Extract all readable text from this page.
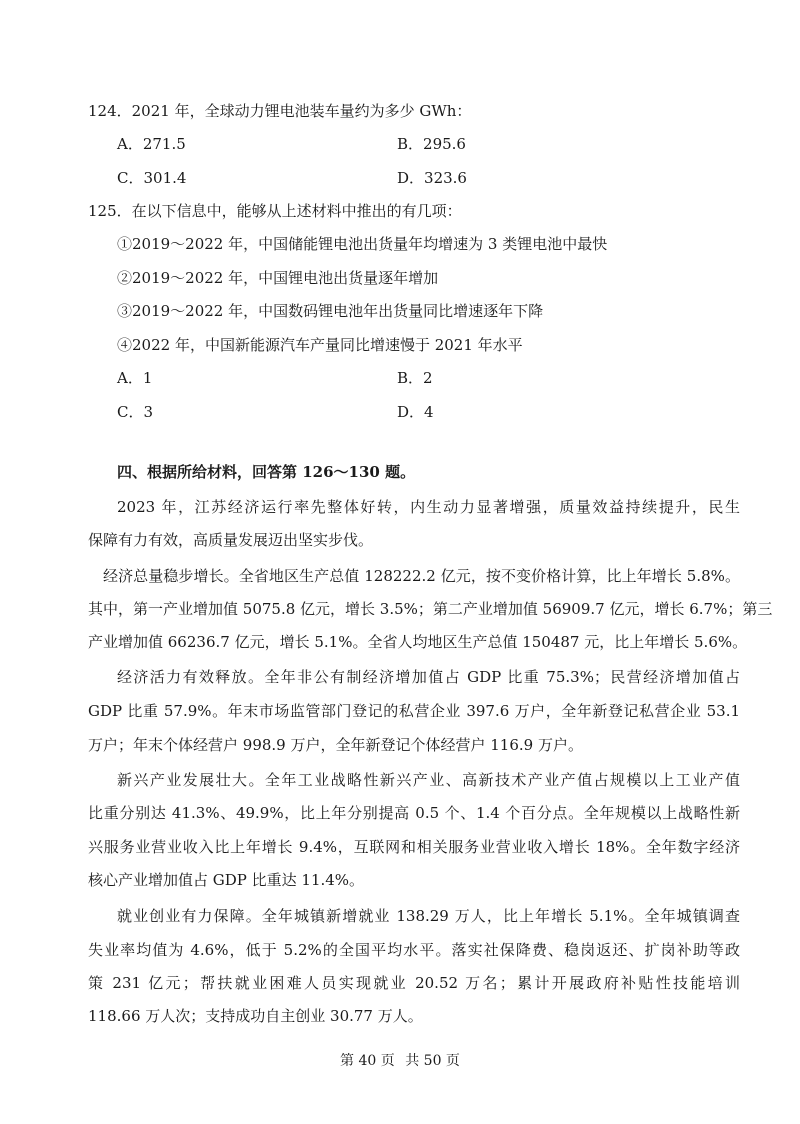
124．2021 年，全球动力锂电池装车量约为多少 GWh：
A．271.5	B．295.6
C．301.4	D．323.6
125．在以下信息中，能够从上述材料中推出的有几项：
①2019～2022 年，中国储能锂电池出货量年均增速为 3 类锂电池中最快
②2019～2022 年，中国锂电池出货量逐年增加
③2019～2022 年，中国数码锂电池年出货量同比增速逐年下降
④2022 年，中国新能源汽车产量同比增速慢于 2021 年水平
A．1	B．2
C．3	D．4
四、根据所给材料，回答第 126～130 题。
2023 年，江苏经济运行率先整体好转，内生动力显著增强，质量效益持续提升，民生
保障有力有效，高质量发展迈出坚实步伐。
经济总量稳步增长。全省地区生产总值 128222.2 亿元，按不变价格计算，比上年增长 5.8%。
其中，第一产业增加值 5075.8 亿元，增长 3.5%；第二产业增加值 56909.7 亿元，增长 6.7%；第三
产业增加值 66236.7 亿元，增长 5.1%。全省人均地区生产总值 150487 元，比上年增长 5.6%。
经济活力有效释放。全年非公有制经济增加值占 GDP 比重 75.3%；民营经济增加值占
GDP 比重 57.9%。年末市场监管部门登记的私营企业 397.6 万户，全年新登记私营企业 53.1
万户；年末个体经营户 998.9 万户，全年新登记个体经营户 116.9 万户。
新兴产业发展壮大。全年工业战略性新兴产业、高新技术产业产值占规模以上工业产值
比重分别达 41.3%、49.9%，比上年分别提高 0.5 个、1.4 个百分点。全年规模以上战略性新
兴服务业营业收入比上年增长 9.4%，互联网和相关服务业营业收入增长 18%。全年数字经济
核心产业增加值占 GDP 比重达 11.4%。
就业创业有力保障。全年城镇新增就业 138.29 万人，比上年增长 5.1%。全年城镇调查
失业率均值为 4.6%，低于 5.2%的全国平均水平。落实社保降费、稳岗返还、扩岗补助等政
策 231 亿元；帮扶就业困难人员实现就业 20.52 万名；累计开展政府补贴性技能培训
118.66 万人次；支持成功自主创业 30.77 万人。
第 40 页 共 50 页
